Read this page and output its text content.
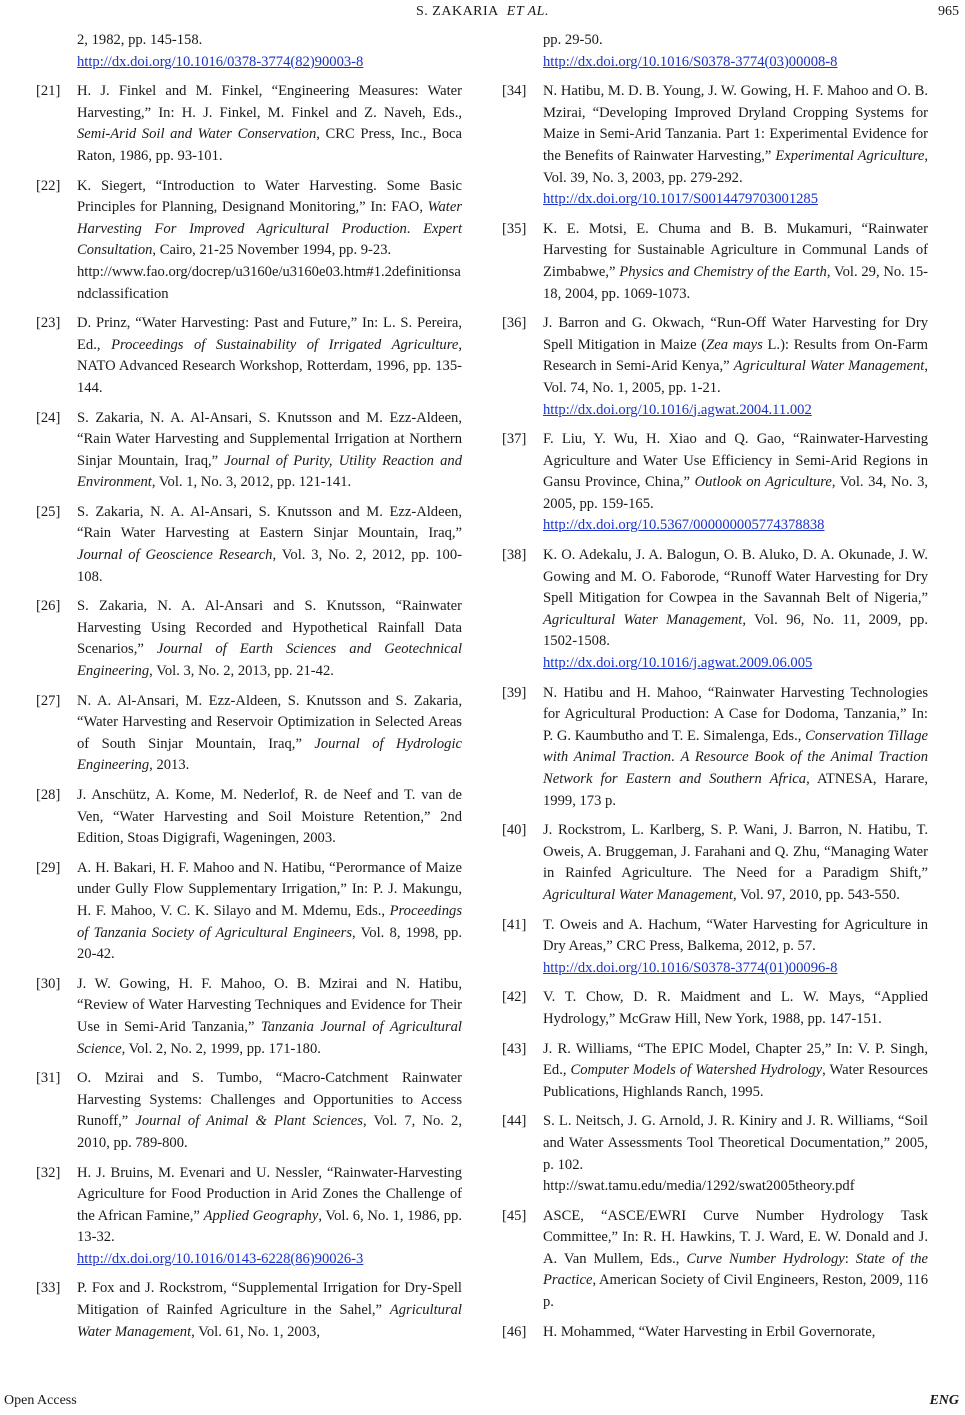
S. ZAKARIA ET AL.	965
2, 1982, pp. 145-158.
http://dx.doi.org/10.1016/0378-3774(82)90003-8
[21]	H. J. Finkel and M. Finkel, “Engineering Measures: Water Harvesting,” In: H. J. Finkel, M. Finkel and Z. Naveh, Eds., Semi-Arid Soil and Water Conservation, CRC Press, Inc., Boca Raton, 1986, pp. 93-101.
[22]	K. Siegert, “Introduction to Water Harvesting. Some Basic Principles for Planning, Designand Monitoring,” In: FAO, Water Harvesting For Improved Agricultural Production. Expert Consultation, Cairo, 21-25 November 1994, pp. 9-23.
http://www.fao.org/docrep/u3160e/u3160e03.htm#1.2definitionsandclassification
[23]	D. Prinz, “Water Harvesting: Past and Future,” In: L. S. Pereira, Ed., Proceedings of Sustainability of Irrigated Agriculture, NATO Advanced Research Workshop, Rotterdam, 1996, pp. 135-144.
[24]	S. Zakaria, N. A. Al-Ansari, S. Knutsson and M. Ezz-Aldeen, “Rain Water Harvesting and Supplemental Irrigation at Northern Sinjar Mountain, Iraq,” Journal of Purity, Utility Reaction and Environment, Vol. 1, No. 3, 2012, pp. 121-141.
[25]	S. Zakaria, N. A. Al-Ansari, S. Knutsson and M. Ezz-Aldeen, “Rain Water Harvesting at Eastern Sinjar Mountain, Iraq,” Journal of Geoscience Research, Vol. 3, No. 2, 2012, pp. 100-108.
[26]	S. Zakaria, N. A. Al-Ansari and S. Knutsson, “Rainwater Harvesting Using Recorded and Hypothetical Rainfall Data Scenarios,” Journal of Earth Sciences and Geotechnical Engineering, Vol. 3, No. 2, 2013, pp. 21-42.
[27]	N. A. Al-Ansari, M. Ezz-Aldeen, S. Knutsson and S. Zakaria, “Water Harvesting and Reservoir Optimization in Selected Areas of South Sinjar Mountain, Iraq,” Journal of Hydrologic Engineering, 2013.
[28]	J. Anschütz, A. Kome, M. Nederlof, R. de Neef and T. van de Ven, “Water Harvesting and Soil Moisture Retention,” 2nd Edition, Stoas Digigrafi, Wageningen, 2003.
[29]	A. H. Bakari, H. F. Mahoo and N. Hatibu, “Perormance of Maize under Gully Flow Supplementary Irrigation,” In: P. J. Makungu, H. F. Mahoo, V. C. K. Silayo and M. Mdemu, Eds., Proceedings of Tanzania Society of Agricultural Engineers, Vol. 8, 1998, pp. 20-42.
[30]	J. W. Gowing, H. F. Mahoo, O. B. Mzirai and N. Hatibu, “Review of Water Harvesting Techniques and Evidence for Their Use in Semi-Arid Tanzania,” Tanzania Journal of Agricultural Science, Vol. 2, No. 2, 1999, pp. 171-180.
[31]	O. Mzirai and S. Tumbo, “Macro-Catchment Rainwater Harvesting Systems: Challenges and Opportunities to Access Runoff,” Journal of Animal & Plant Sciences, Vol. 7, No. 2, 2010, pp. 789-800.
[32]	H. J. Bruins, M. Evenari and U. Nessler, “Rainwater-Harvesting Agriculture for Food Production in Arid Zones the Challenge of the African Famine,” Applied Geography, Vol. 6, No. 1, 1986, pp. 13-32.
http://dx.doi.org/10.1016/0143-6228(86)90026-3
[33]	P. Fox and J. Rockstrom, “Supplemental Irrigation for Dry-Spell Mitigation of Rainfed Agriculture in the Sahel,” Agricultural Water Management, Vol. 61, No. 1, 2003,
pp. 29-50.
http://dx.doi.org/10.1016/S0378-3774(03)00008-8
[34]	N. Hatibu, M. D. B. Young, J. W. Gowing, H. F. Mahoo and O. B. Mzirai, “Developing Improved Dryland Cropping Systems for Maize in Semi-Arid Tanzania. Part 1: Experimental Evidence for the Benefits of Rainwater Harvesting,” Experimental Agriculture, Vol. 39, No. 3, 2003, pp. 279-292.
http://dx.doi.org/10.1017/S0014479703001285
[35]	K. E. Motsi, E. Chuma and B. B. Mukamuri, “Rainwater Harvesting for Sustainable Agriculture in Communal Lands of Zimbabwe,” Physics and Chemistry of the Earth, Vol. 29, No. 15-18, 2004, pp. 1069-1073.
[36]	J. Barron and G. Okwach, “Run-Off Water Harvesting for Dry Spell Mitigation in Maize (Zea mays L.): Results from On-Farm Research in Semi-Arid Kenya,” Agricultural Water Management, Vol. 74, No. 1, 2005, pp. 1-21.
http://dx.doi.org/10.1016/j.agwat.2004.11.002
[37]	F. Liu, Y. Wu, H. Xiao and Q. Gao, “Rainwater-Harvesting Agriculture and Water Use Efficiency in Semi-Arid Regions in Gansu Province, China,” Outlook on Agriculture, Vol. 34, No. 3, 2005, pp. 159-165.
http://dx.doi.org/10.5367/000000005774378838
[38]	K. O. Adekalu, J. A. Balogun, O. B. Aluko, D. A. Okunade, J. W. Gowing and M. O. Faborode, “Runoff Water Harvesting for Dry Spell Mitigation for Cowpea in the Savannah Belt of Nigeria,” Agricultural Water Management, Vol. 96, No. 11, 2009, pp. 1502-1508.
http://dx.doi.org/10.1016/j.agwat.2009.06.005
[39]	N. Hatibu and H. Mahoo, “Rainwater Harvesting Technologies for Agricultural Production: A Case for Dodoma, Tanzania,” In: P. G. Kaumbutho and T. E. Simalenga, Eds., Conservation Tillage with Animal Traction. A Resource Book of the Animal Traction Network for Eastern and Southern Africa, ATNESA, Harare, 1999, 173 p.
[40]	J. Rockstrom, L. Karlberg, S. P. Wani, J. Barron, N. Hatibu, T. Oweis, A. Bruggeman, J. Farahani and Q. Zhu, “Managing Water in Rainfed Agriculture. The Need for a Paradigm Shift,” Agricultural Water Management, Vol. 97, 2010, pp. 543-550.
[41]	T. Oweis and A. Hachum, “Water Harvesting for Agriculture in Dry Areas,” CRC Press, Balkema, 2012, p. 57.
http://dx.doi.org/10.1016/S0378-3774(01)00096-8
[42]	V. T. Chow, D. R. Maidment and L. W. Mays, “Applied Hydrology,” McGraw Hill, New York, 1988, pp. 147-151.
[43]	J. R. Williams, “The EPIC Model, Chapter 25,” In: V. P. Singh, Ed., Computer Models of Watershed Hydrology, Water Resources Publications, Highlands Ranch, 1995.
[44]	S. L. Neitsch, J. G. Arnold, J. R. Kiniry and J. R. Williams, “Soil and Water Assessments Tool Theoretical Documentation,” 2005, p. 102.
http://swat.tamu.edu/media/1292/swat2005theory.pdf
[45]	ASCE, “ASCE/EWRI Curve Number Hydrology Task Committee,” In: R. H. Hawkins, T. J. Ward, E. W. Donald and J. A. Van Mullem, Eds., Curve Number Hydrology: State of the Practice, American Society of Civil Engineers, Reston, 2009, 116 p.
[46]	H. Mohammed, “Water Harvesting in Erbil Governorate,
Open Access	ENG
